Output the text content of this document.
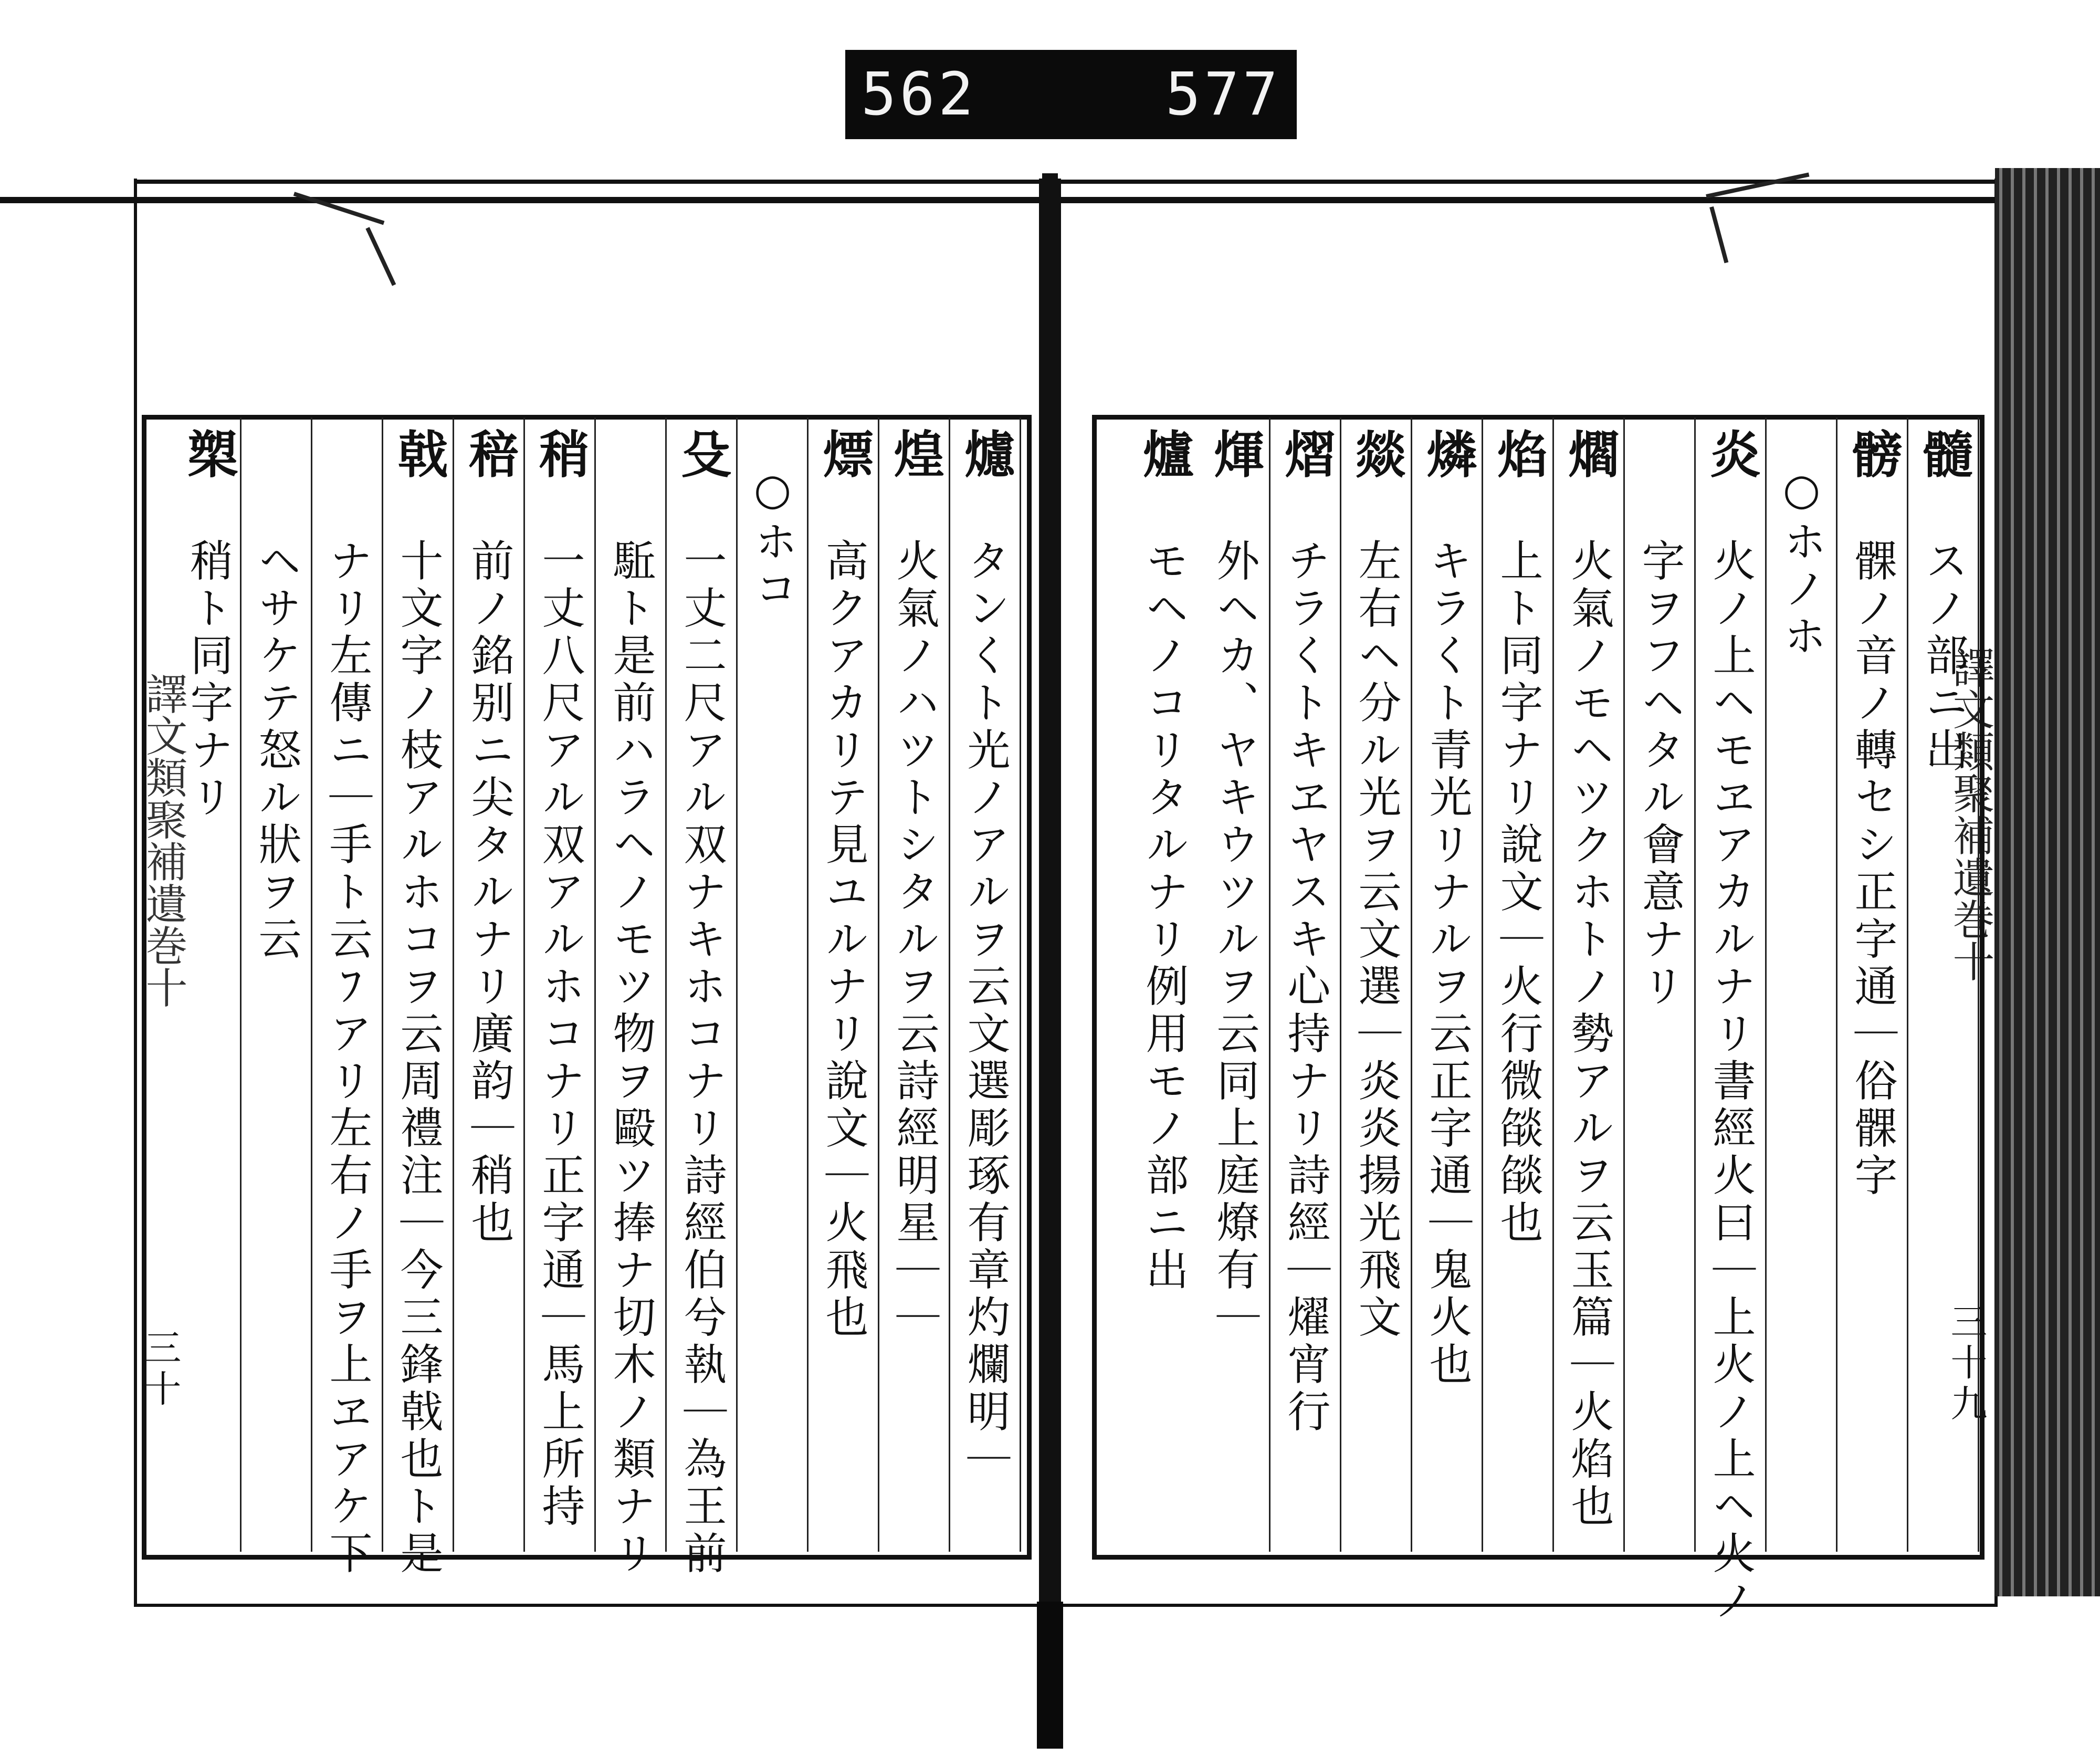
562	577
譯文類聚補遺巻十	譯文類聚補遺巻十
三十	三十九
爈
タンくト光ノアルヲ云文選彫琢有章灼爛明｜
煌
火氣ノハツトシタルヲ云詩經明星｜｜
熛
高クアカリテ見ユルナリ說文｜火飛也
○ホコ
殳
一丈二尺アル双ナキホコナリ詩經伯兮執｜為王前
駈ト是前ハラヘノモツ物ヲ毆ツ捧ナ切木ノ類ナリ
稍
一丈八尺アル双アルホコナリ正字通｜馬上所持
稖
前ノ銘别ニ尖タルナリ廣韵｜稍也
戟
十文字ノ枝アルホコヲ云周禮注｜今三鋒戟也ト是
ナリ左傳ニ｜手ト云ﾌアリ左右ノ手ヲ上ヱアケ下
ヘサケテ怒ル狀ヲ云
槊
稍ト同字ナリ
髓
スノ部ニ出
髈
髁ノ音ノ轉セシ正字通｜俗髁字
○ホノホ
炎
火ノ上ヘモヱアカルナリ書經火曰｜上火ノ上ヘ火ノ
字ヲフヘタル會意ナリ
爓
火氣ノモヘツクホトノ勢アルヲ云玉篇｜火焰也
焰
上ト同字ナリ說文｜火行微燄燄也
燐
キラくト青光リナルヲ云正字通｜鬼火也
燚
左右ヘ分ル光ヲ云文選｜炎炎揚光飛文
熠
チラくトキヱヤスキ心持ナリ詩經｜燿宵行
煇
外ヘカ、ヤキウツルヲ云同上庭燎有｜
爐
モヘノコリタルナリ例用モノ部ニ出
